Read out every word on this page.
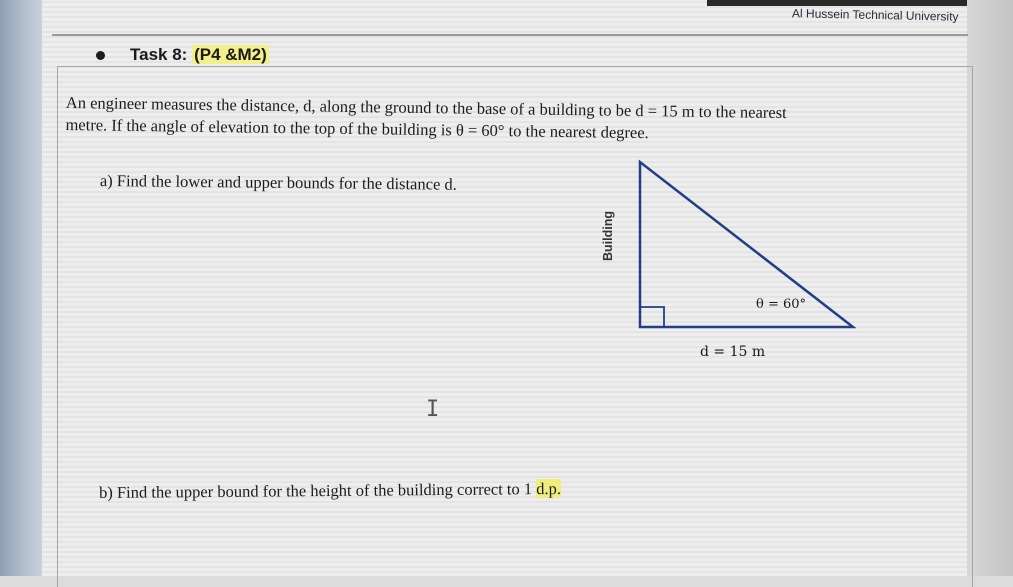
Al Hussein Technical University
Task 8: (P4 &M2)
An engineer measures the distance, d, along the ground to the base of a building to be d = 15 m to the nearest
metre. If the angle of elevation to the top of the building is θ = 60° to the nearest degree.
a) Find the lower and upper bounds for the distance d.
Building
θ = 60°
d = 15 m
I
b) Find the upper bound for the height of the building correct to 1 d.p.
